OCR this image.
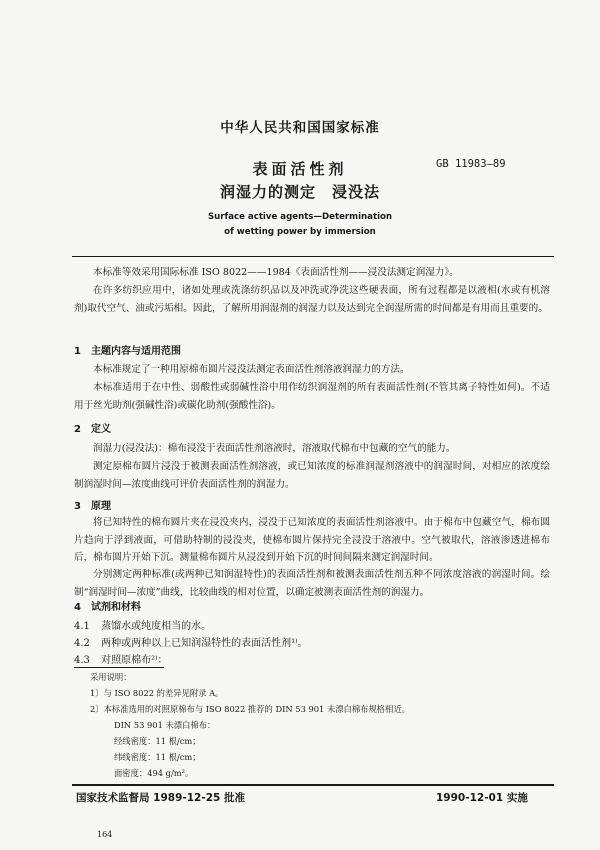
中华人民共和国国家标准
表面活性剂
润湿力的测定　浸没法
GB 11983—89
Surface active agents—Determination
of wetting power by immersion
本标准等效采用国际标准 ISO 8022——1984《表面活性剂——浸没法测定润湿力》。
在许多纺织应用中，诸如处理或洗涤纺织品以及冲洗或净洗这些硬表面，所有过程都是以液相(水或有机溶剂)取代空气、油或污垢相。因此，了解所用润湿剂的润湿力以及达到完全润湿所需的时间都是有用而且重要的。
1　主题内容与适用范围
本标准规定了一种用原棉布圆片浸没法测定表面活性剂溶液润湿力的方法。
本标准适用于在中性、弱酸性或弱碱性浴中用作纺织润湿剂的所有表面活性剂(不管其离子特性如何)。不适用于丝光助剂(强碱性浴)或碳化助剂(强酸性浴)。
2　定义
润湿力(浸没法)：棉布浸没于表面活性剂溶液时，溶液取代棉布中包藏的空气的能力。
测定原棉布圆片浸没于被测表面活性剂溶液，或已知浓度的标准润湿剂溶液中的润湿时间，对相应的浓度绘制润湿时间—浓度曲线可评价表面活性剂的润湿力。
3　原理
将已知特性的棉布圆片夹在浸没夹内，浸没于已知浓度的表面活性剂溶液中。由于棉布中包藏空气，棉布圆片趋向于浮到液面，可借助特制的浸没夹，使棉布圆片保持完全浸没于溶液中。空气被取代，溶液渗透进棉布后，棉布圆片开始下沉。测量棉布圆片从浸没到开始下沉的时间间隔来测定润湿时间。
分别测定两种标准(或两种已知润湿特性)的表面活性剂和被测表面活性剂五种不同浓度溶液的润湿时间。绘制“润湿时间—浓度”曲线，比较曲线的相对位置，以确定被测表面活性剂的润湿力。
4　试剂和材料
4.1 蒸馏水或纯度相当的水。
4.2 两种或两种以上已知润湿特性的表面活性剂¹⁾。
4.3 对照原棉布²⁾：
采用说明：
1〕与 ISO 8022 的差异见附录 A。
2〕本标准选用的对照原棉布与 ISO 8022 推荐的 DIN 53 901 未漂白棉布规格相近。
DIN 53 901 未漂白棉布：
经线密度：11 根/cm；
纬线密度：11 根/cm；
面密度：494 g/m²。
国家技术监督局 1989-12-25 批准	1990-12-01 实施
164
